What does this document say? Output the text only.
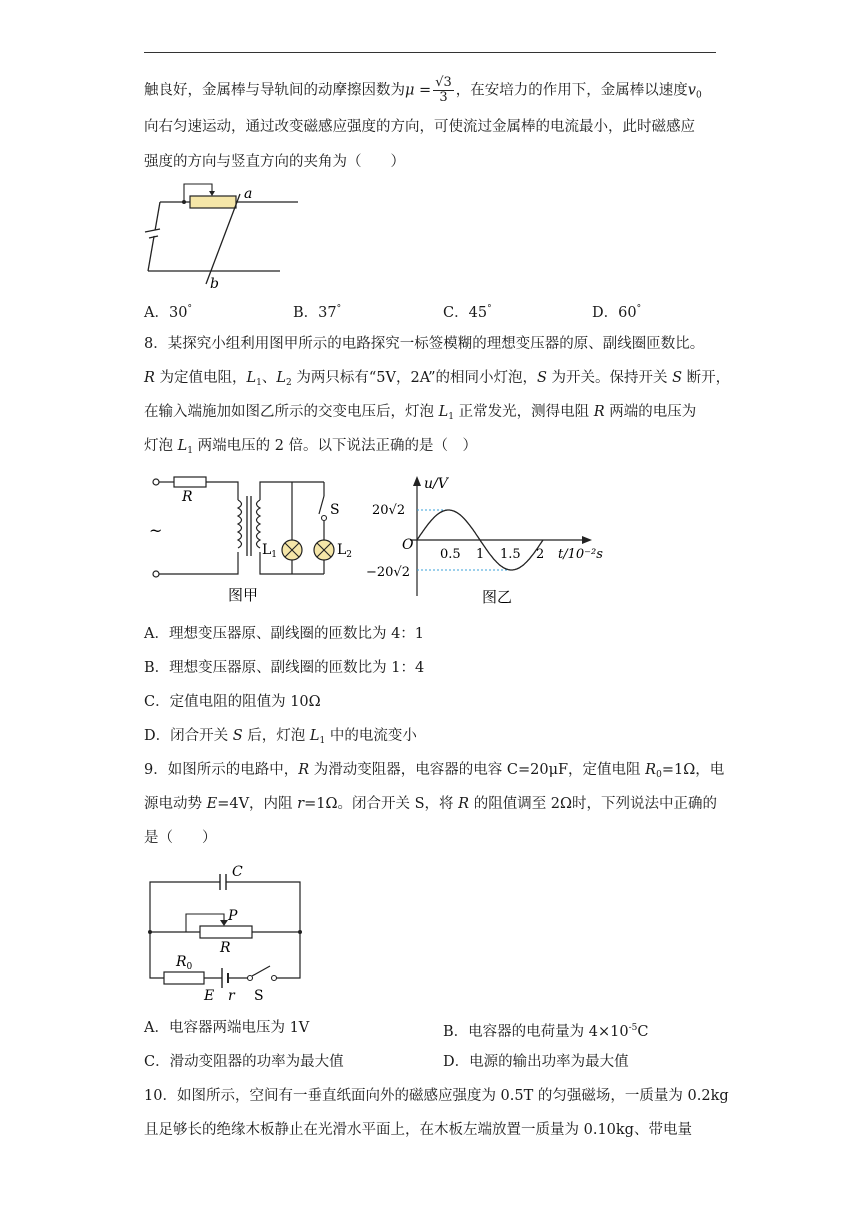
触良好，金属棒与导轨间的动摩擦因数为$\mu = \frac{√3}{3}$ ，在安培力的作用下，金属棒以速度$v_0$
向右匀速运动，通过改变磁感应强度的方向，可使流过金属棒的电流最小，此时磁感应
强度的方向与竖直方向的夹角为（　　）
a
b
A．30°	B．37°	C．45°	D．60°
8．某探究小组利用图甲所示的电路探究一标签模糊的理想变压器的原、副线圈匝数比。
R 为定值电阻，$L_1$、$L_2$ 为两只标有“5V，2A”的相同小灯泡，S 为开关。保持开关 S 断开，
在输入端施加如图乙所示的交变电压后，灯泡 $L_1$ 正常发光，测得电阻 R 两端的电压为
灯泡 $L_1$ 两端电压的 2 倍。以下说法正确的是（　）
R
~
$L_1$
S
$L_2$
图甲
u/V
t/10⁻²s
O
20√2
−20√2
0.5 1 1.5 2
图乙
A．理想变压器原、副线圈的匝数比为 4：1
B．理想变压器原、副线圈的匝数比为 1：4
C．定值电阻的阻值为 10Ω
D．闭合开关 S 后，灯泡 $L_1$ 中的电流变小
9．如图所示的电路中，R 为滑动变阻器，电容器的电容 C=20μF，定值电阻 $R_0=1\Omega$，电
源电动势 E=4V，内阻 r=1Ω。闭合开关 S，将 R 的阻值调至 2Ω时，下列说法中正确的
是（　　）
C
P
R
$R_0$
E r S
A．电容器两端电压为 1V	B．电容器的电荷量为 $4\times 10^{-5}C$
C．滑动变阻器的功率为最大值	D．电源的输出功率为最大值
10．如图所示，空间有一垂直纸面向外的磁感应强度为 0.5T 的匀强磁场，一质量为 0.2kg
且足够长的绝缘木板静止在光滑水平面上，在木板左端放置一质量为 0.10kg、带电量
